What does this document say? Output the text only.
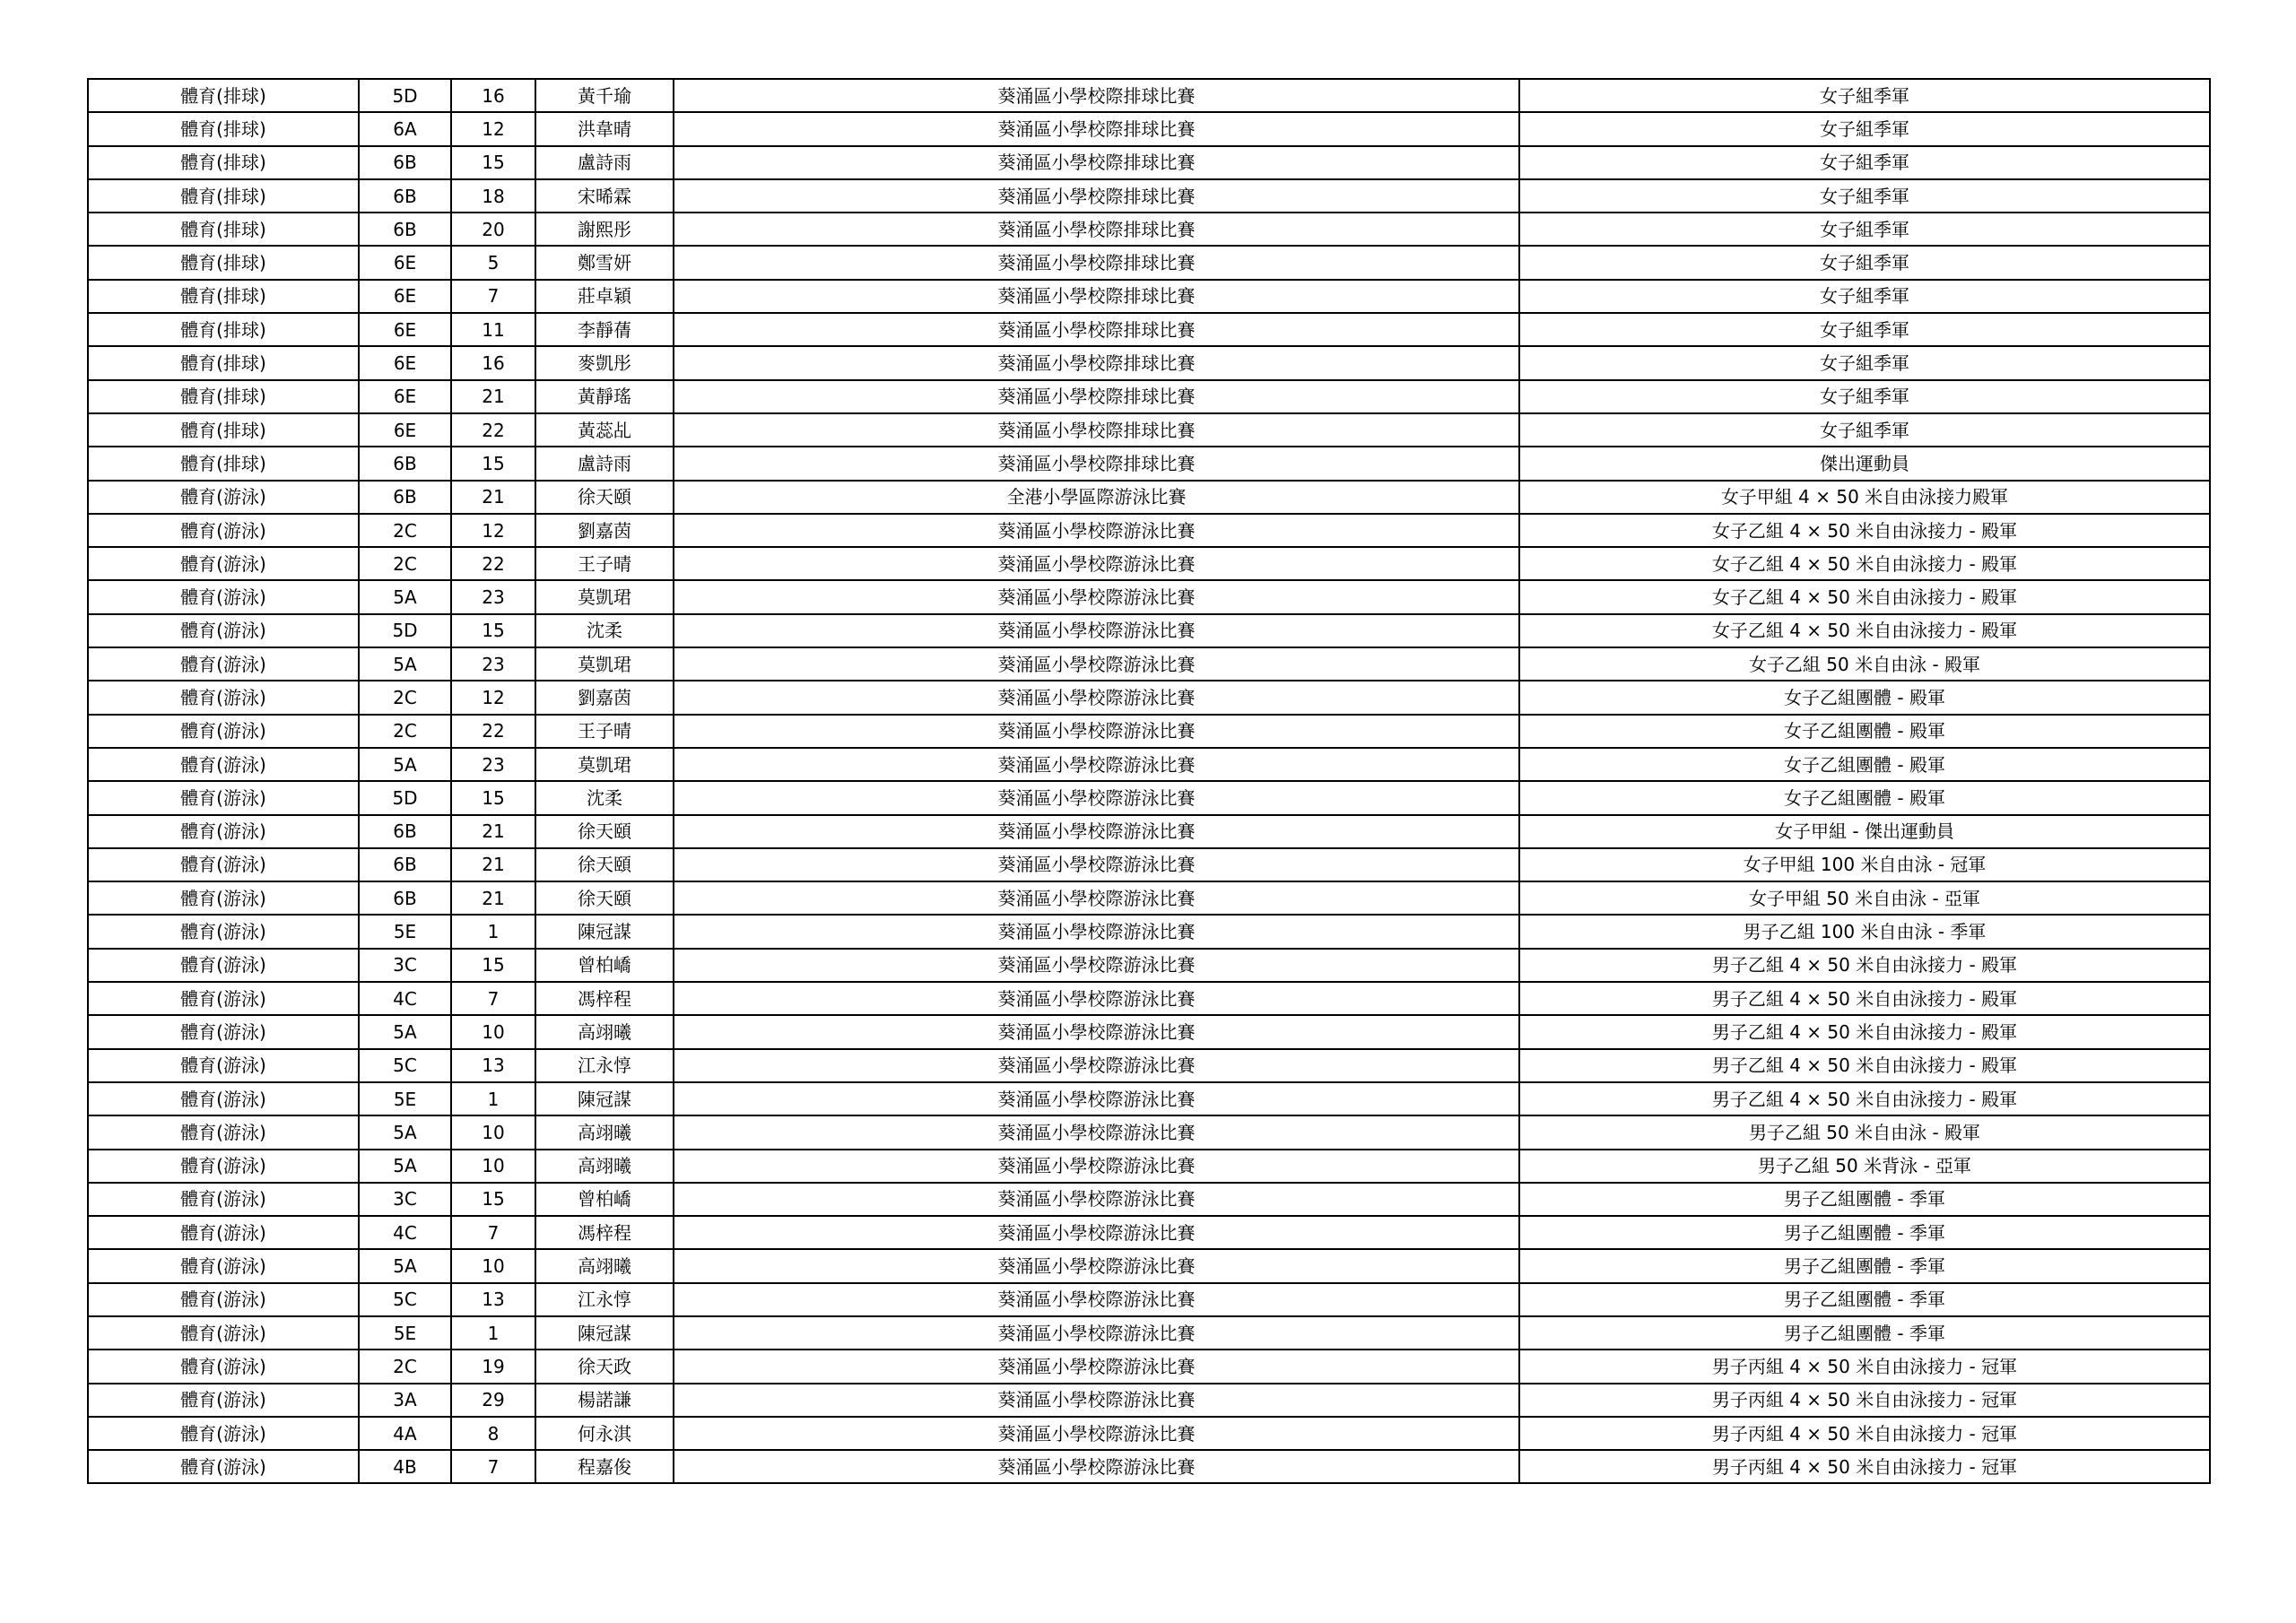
體育(排球)	5D	16	黃千瑜	葵涌區小學校際排球比賽	女子組季軍
體育(排球)	6A	12	洪韋晴	葵涌區小學校際排球比賽	女子組季軍
體育(排球)	6B	15	盧詩雨	葵涌區小學校際排球比賽	女子組季軍
體育(排球)	6B	18	宋晞霖	葵涌區小學校際排球比賽	女子組季軍
體育(排球)	6B	20	謝熙彤	葵涌區小學校際排球比賽	女子組季軍
體育(排球)	6E	5	鄭雪妍	葵涌區小學校際排球比賽	女子組季軍
體育(排球)	6E	7	莊卓穎	葵涌區小學校際排球比賽	女子組季軍
體育(排球)	6E	11	李靜蒨	葵涌區小學校際排球比賽	女子組季軍
體育(排球)	6E	16	麥凱彤	葵涌區小學校際排球比賽	女子組季軍
體育(排球)	6E	21	黃靜瑤	葵涌區小學校際排球比賽	女子組季軍
體育(排球)	6E	22	黃蕊乩	葵涌區小學校際排球比賽	女子組季軍
體育(排球)	6B	15	盧詩雨	葵涌區小學校際排球比賽	傑出運動員
體育(游泳)	6B	21	徐天頤	全港小學區際游泳比賽	女子甲組 4 × 50 米自由泳接力殿軍
體育(游泳)	2C	12	劉嘉茵	葵涌區小學校際游泳比賽	女子乙組 4 × 50 米自由泳接力 - 殿軍
體育(游泳)	2C	22	王子晴	葵涌區小學校際游泳比賽	女子乙組 4 × 50 米自由泳接力 - 殿軍
體育(游泳)	5A	23	莫凱珺	葵涌區小學校際游泳比賽	女子乙組 4 × 50 米自由泳接力 - 殿軍
體育(游泳)	5D	15	沈柔	葵涌區小學校際游泳比賽	女子乙組 4 × 50 米自由泳接力 - 殿軍
體育(游泳)	5A	23	莫凱珺	葵涌區小學校際游泳比賽	女子乙組 50 米自由泳 - 殿軍
體育(游泳)	2C	12	劉嘉茵	葵涌區小學校際游泳比賽	女子乙組團體 - 殿軍
體育(游泳)	2C	22	王子晴	葵涌區小學校際游泳比賽	女子乙組團體 - 殿軍
體育(游泳)	5A	23	莫凱珺	葵涌區小學校際游泳比賽	女子乙組團體 - 殿軍
體育(游泳)	5D	15	沈柔	葵涌區小學校際游泳比賽	女子乙組團體 - 殿軍
體育(游泳)	6B	21	徐天頤	葵涌區小學校際游泳比賽	女子甲組 - 傑出運動員
體育(游泳)	6B	21	徐天頤	葵涌區小學校際游泳比賽	女子甲組 100 米自由泳 - 冠軍
體育(游泳)	6B	21	徐天頤	葵涌區小學校際游泳比賽	女子甲組 50 米自由泳 - 亞軍
體育(游泳)	5E	1	陳冠謀	葵涌區小學校際游泳比賽	男子乙組 100 米自由泳 - 季軍
體育(游泳)	3C	15	曾柏嶠	葵涌區小學校際游泳比賽	男子乙組 4 × 50 米自由泳接力 - 殿軍
體育(游泳)	4C	7	馮梓程	葵涌區小學校際游泳比賽	男子乙組 4 × 50 米自由泳接力 - 殿軍
體育(游泳)	5A	10	高翊曦	葵涌區小學校際游泳比賽	男子乙組 4 × 50 米自由泳接力 - 殿軍
體育(游泳)	5C	13	江永惇	葵涌區小學校際游泳比賽	男子乙組 4 × 50 米自由泳接力 - 殿軍
體育(游泳)	5E	1	陳冠謀	葵涌區小學校際游泳比賽	男子乙組 4 × 50 米自由泳接力 - 殿軍
體育(游泳)	5A	10	高翊曦	葵涌區小學校際游泳比賽	男子乙組 50 米自由泳 - 殿軍
體育(游泳)	5A	10	高翊曦	葵涌區小學校際游泳比賽	男子乙組 50 米背泳 - 亞軍
體育(游泳)	3C	15	曾柏嶠	葵涌區小學校際游泳比賽	男子乙組團體 - 季軍
體育(游泳)	4C	7	馮梓程	葵涌區小學校際游泳比賽	男子乙組團體 - 季軍
體育(游泳)	5A	10	高翊曦	葵涌區小學校際游泳比賽	男子乙組團體 - 季軍
體育(游泳)	5C	13	江永惇	葵涌區小學校際游泳比賽	男子乙組團體 - 季軍
體育(游泳)	5E	1	陳冠謀	葵涌區小學校際游泳比賽	男子乙組團體 - 季軍
體育(游泳)	2C	19	徐天政	葵涌區小學校際游泳比賽	男子丙組 4 × 50 米自由泳接力 - 冠軍
體育(游泳)	3A	29	楊諾謙	葵涌區小學校際游泳比賽	男子丙組 4 × 50 米自由泳接力 - 冠軍
體育(游泳)	4A	8	何永淇	葵涌區小學校際游泳比賽	男子丙組 4 × 50 米自由泳接力 - 冠軍
體育(游泳)	4B	7	程嘉俊	葵涌區小學校際游泳比賽	男子丙組 4 × 50 米自由泳接力 - 冠軍
